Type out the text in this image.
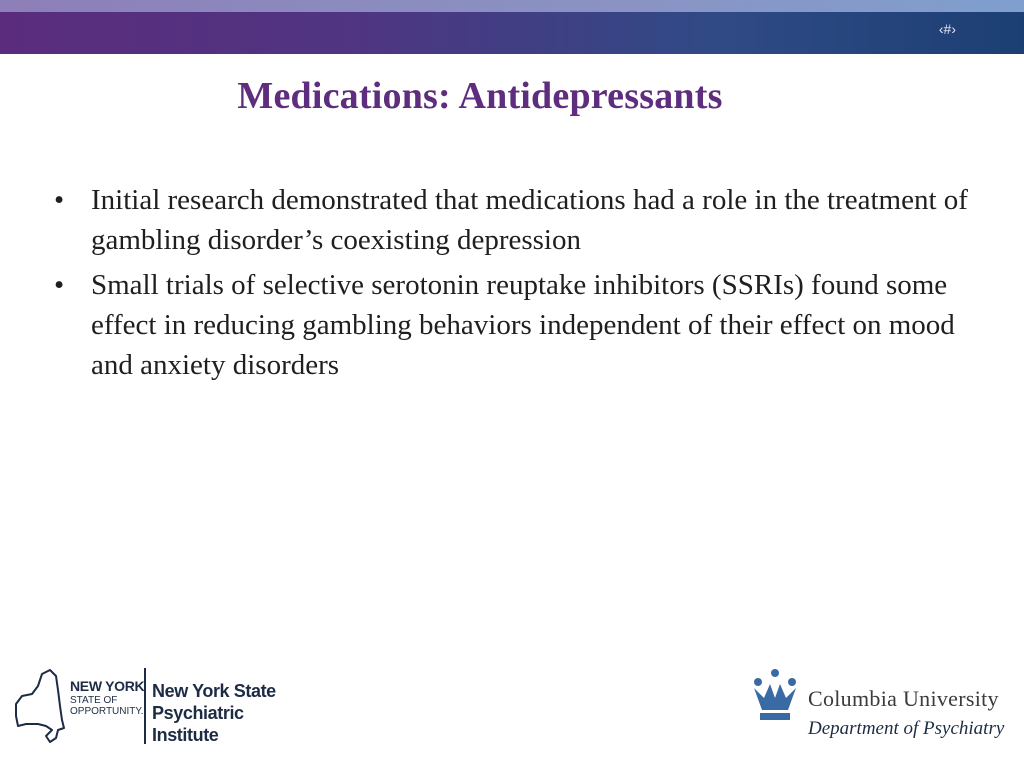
‹#›
Medications: Antidepressants
• Initial research demonstrated that medications had a role in the treatment of gambling disorder’s coexisting depression
• Small trials of selective serotonin reuptake inhibitors (SSRIs) found some effect in reducing gambling behaviors independent of their effect on mood and anxiety disorders
NEW YORK
STATE OF OPPORTUNITY.
New York State Psychiatric Institute
Columbia University
Department of Psychiatry
